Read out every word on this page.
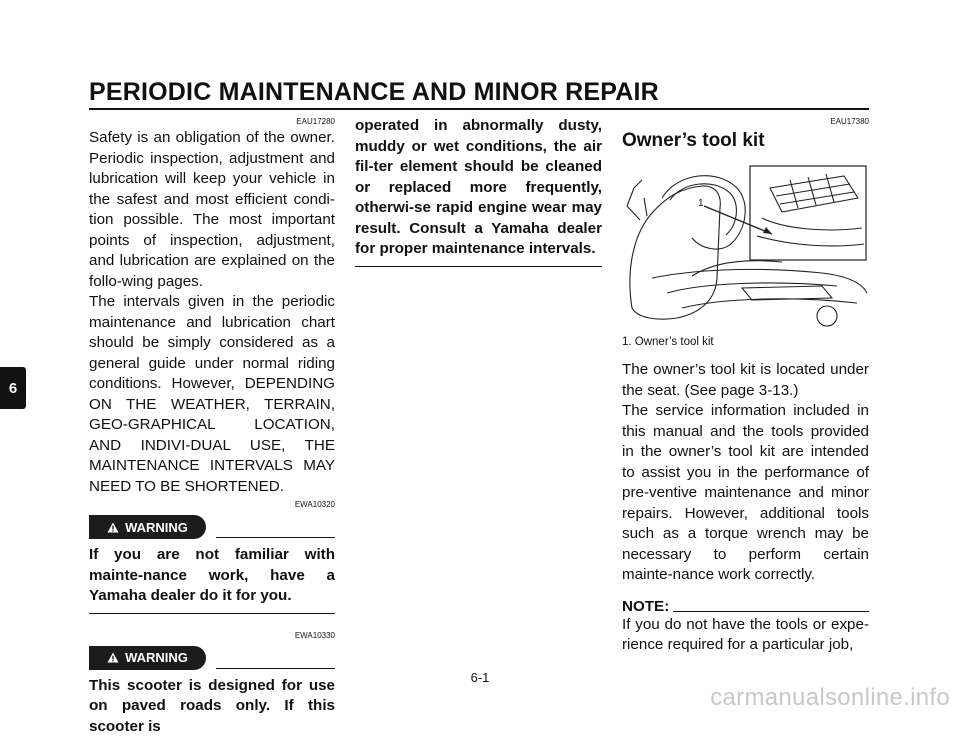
PERIODIC MAINTENANCE AND MINOR REPAIR
6
EAU17280

Safety is an obligation of the owner. Periodic inspection, adjustment and lubrication will keep your vehicle in the safest and most efficient condi-tion possible. The most important points of inspection, adjustment, and lubrication are explained on the follo-wing pages.

The intervals given in the periodic maintenance and lubrication chart should be simply considered as a general guide under normal riding conditions. However, DEPENDING ON THE WEATHER, TERRAIN, GEO-GRAPHICAL LOCATION, AND INDIVI-DUAL USE, THE MAINTENANCE INTERVALS MAY NEED TO BE SHORTENED.

EWA10320
WARNING

If you are not familiar with mainte-nance work, have a Yamaha dealer do it for you.

EWA10330
WARNING

This scooter is designed for use on paved roads only. If this scooter is

operated in abnormally dusty, muddy or wet conditions, the air fil-ter element should be cleaned or replaced more frequently, otherwi-se rapid engine wear may result. Consult a Yamaha dealer for proper maintenance intervals.

EAU17380
Owner’s tool kit
1
1. Owner’s tool kit

The owner’s tool kit is located under the seat. (See page 3-13.)

The service information included in this manual and the tools provided in the owner’s tool kit are intended to assist you in the performance of pre-ventive maintenance and minor repairs. However, additional tools such as a torque wrench may be necessary to perform certain mainte-nance work correctly.

NOTE:

If you do not have the tools or expe-rience required for a particular job,

6-1
carmanualsonline.info
